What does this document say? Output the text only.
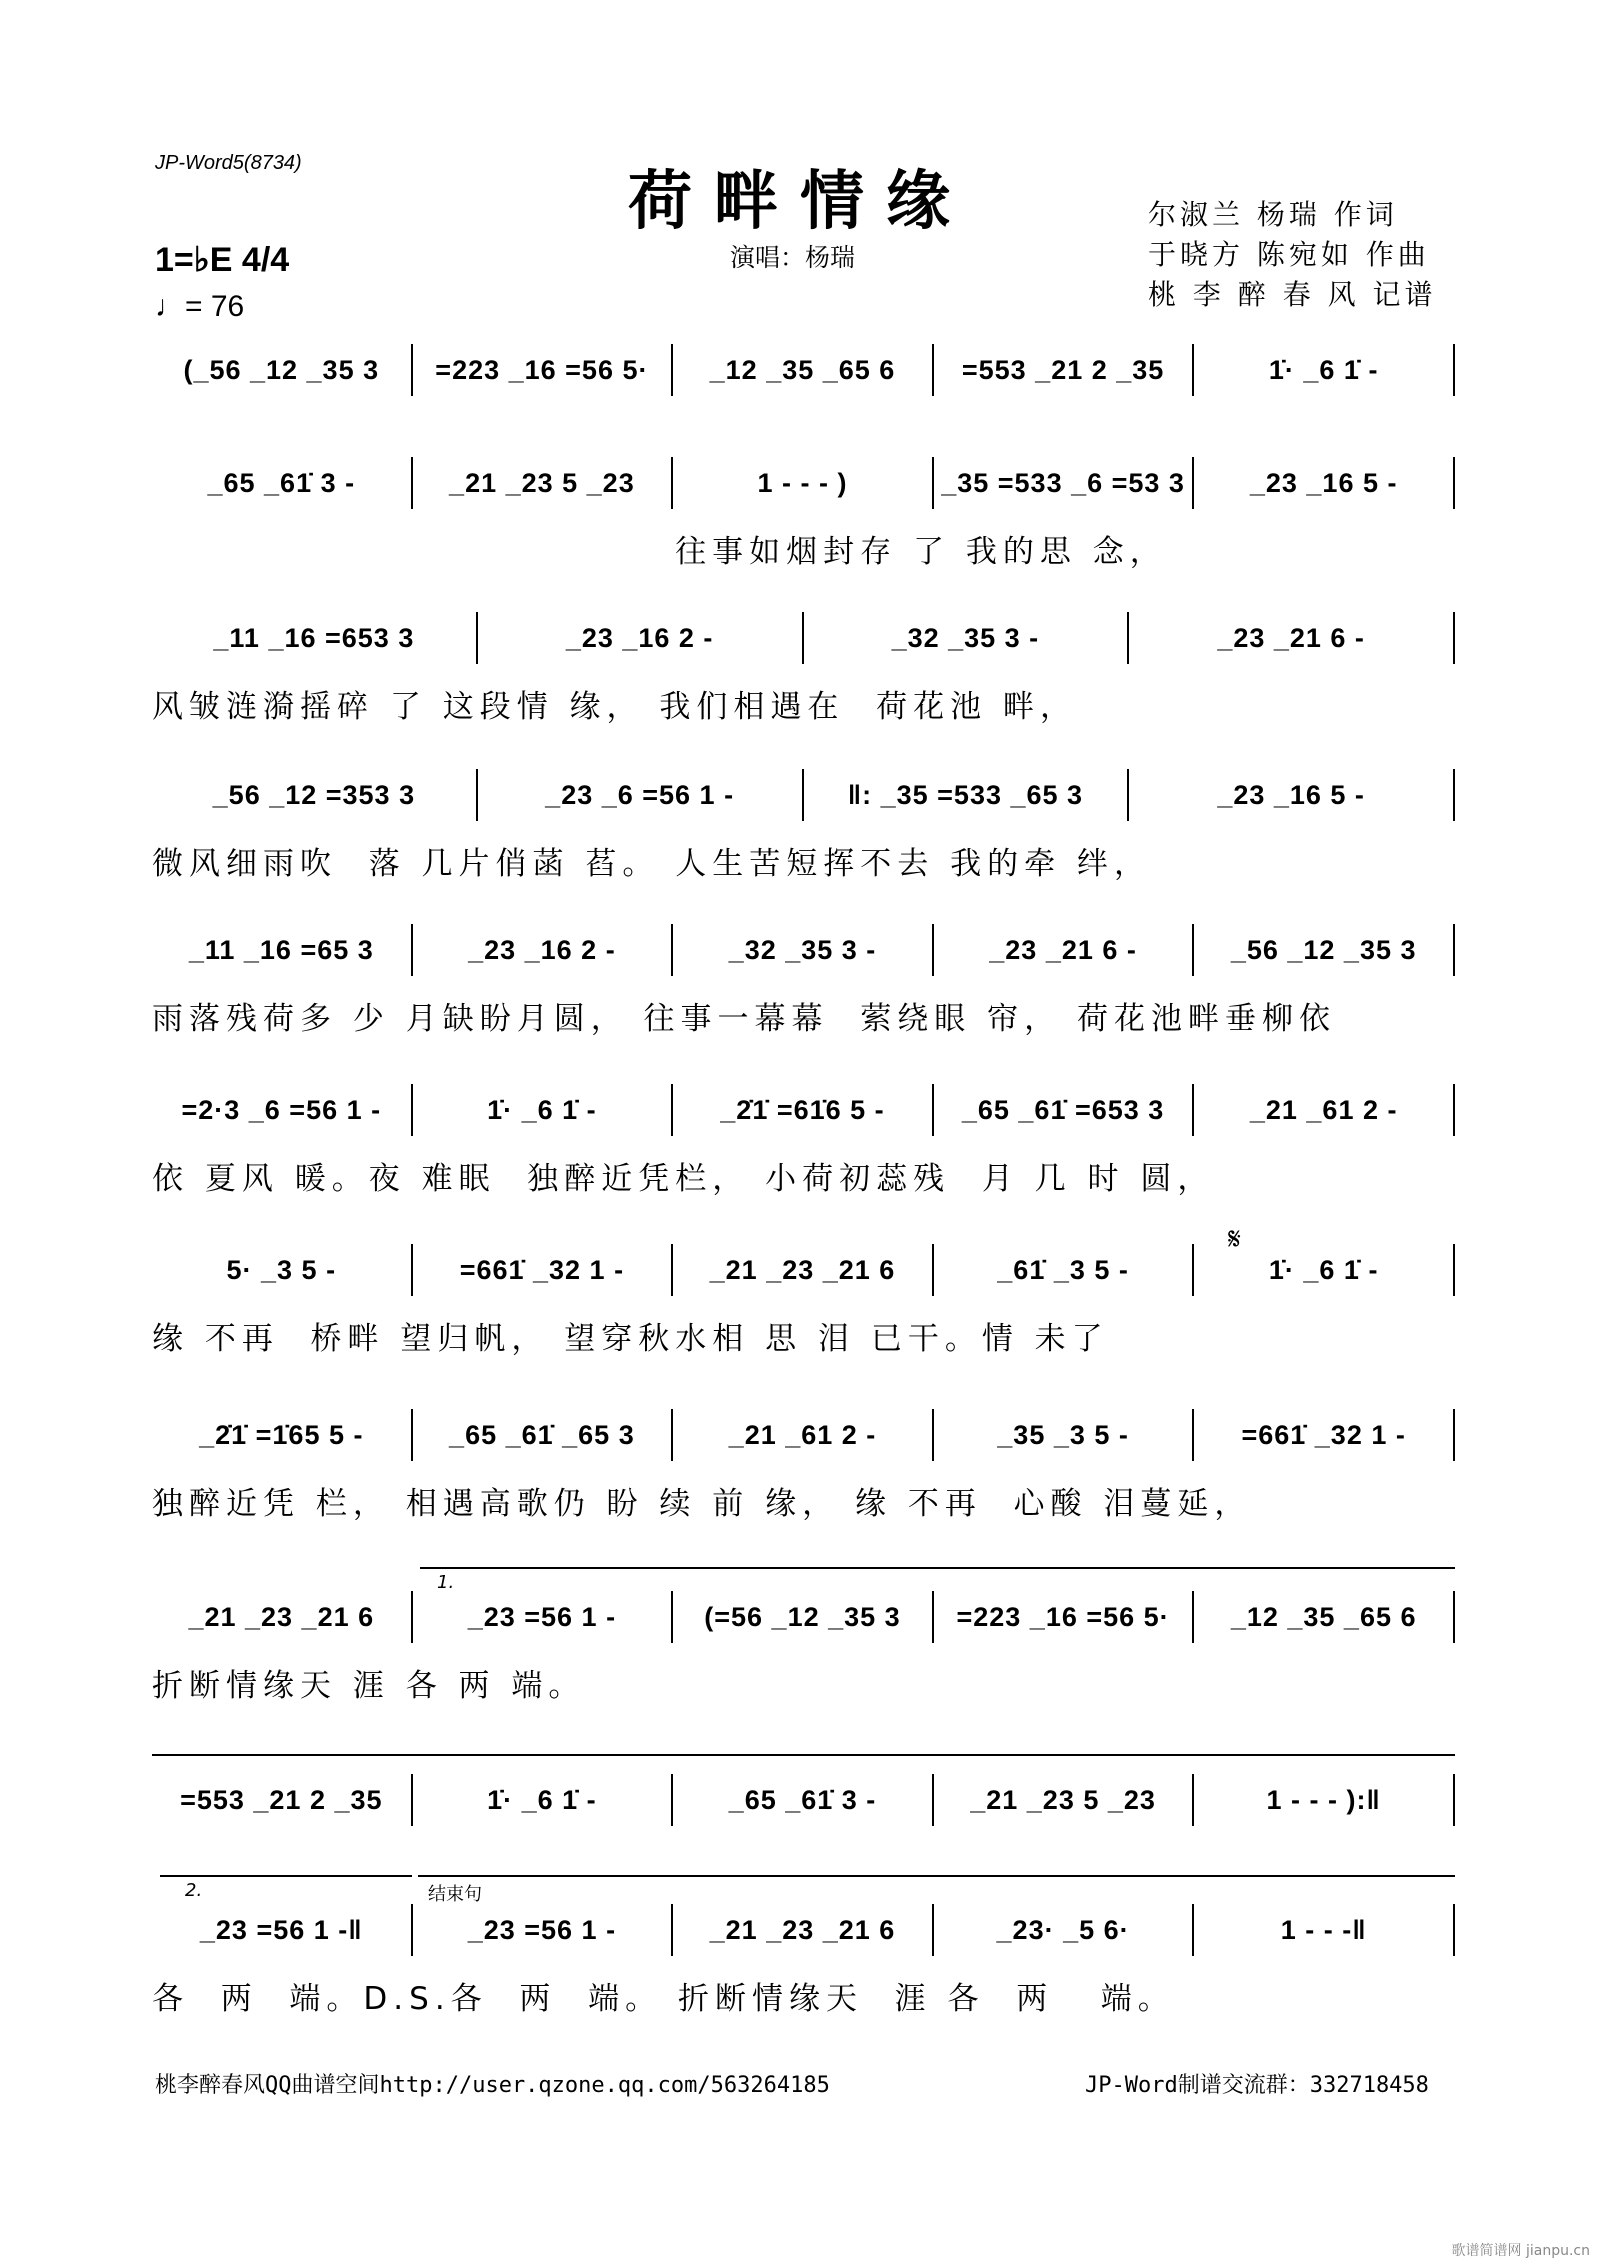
JP-Word5(8734)
荷畔情缘
演唱：杨瑞
尔淑兰 杨瑞 作词
于晓方 陈宛如 作曲
桃 李 醉 春 风 记谱
1=♭E 4/4
♩= 76
(_56 _12 _35 3	=223 _16 =56 5·	_12 _35 _65 6	=553 _21 2 _35	1̇· _6 1̇ -
_65 _61̇ 3 -	_21 _23 5 _23	1 - - - )	_35 =533 _6 =53 3	_23 _16 5 -
往事如烟封存 了 我的思 念，
_11 _16 =653 3	_23 _16 2 -	_32 _35 3 -	_23 _21 6 -
风皱涟漪摇碎 了 这段情 缘， 我们相遇在  荷花池 畔，
_56 _12 =353 3	_23 _6 =56 1 -	‖: _35 =533 _65 3	_23 _16 5 -
微风细雨吹  落 几片俏菡 萏。 人生苦短挥不去 我的牵 绊，
_11 _16 =65 3	_23 _16 2 -	_32 _35 3 -	_23 _21 6 -	_56 _12 _35 3
雨落残荷多 少 月缺盼月圆， 往事一幕幕  萦绕眼 帘， 荷花池畔垂柳依
=2·3 _6 =56 1 -	1̇· _6 1̇ -	_2̇1̇ =61̇6 5 -	_65 _61̇ =653 3	_21 _61 2 -
依 夏风 暖。夜 难眠  独醉近凭栏， 小荷初蕊残  月 几 时 圆，
5· _3 5 -	=661̇ _32 1 -	_21 _23 _21 6	_61̇ _3 5 -	1̇· _6 1̇ -
缘 不再  桥畔 望归帆， 望穿秋水相 思 泪 已干。情 未了
_2̇1̇ =1̇65 5 -	_65 _61̇ _65 3	_21 _61 2 -	_35 _3 5 -	=661̇ _32 1 -
独醉近凭 栏， 相遇高歌仍 盼 续 前 缘， 缘 不再  心酸 泪蔓延，
_21 _23 _21 6	_23 =56 1 -	(=56 _12 _35 3	=223 _16 =56 5·	_12 _35 _65 6
折断情缘天 涯 各 两 端。
=553 _21 2 _35	1̇· _6 1̇ -	_65 _61̇ 3 -	_21 _23 5 _23	1 - - - ):‖
_23 =56 1 -‖	_23 =56 1 -	_21 _23 _21 6	_23· _5 6·	1 - - -‖
各  两  端。D.S.各  两  端。 折断情缘天  涯 各  两   端。
𝄋
1.
2.	结束句
桃李醉春风QQ曲谱空间http://user.qzone.qq.com/563264185	JP-Word制谱交流群：332718458
歌谱简谱网 jianpu.cn
